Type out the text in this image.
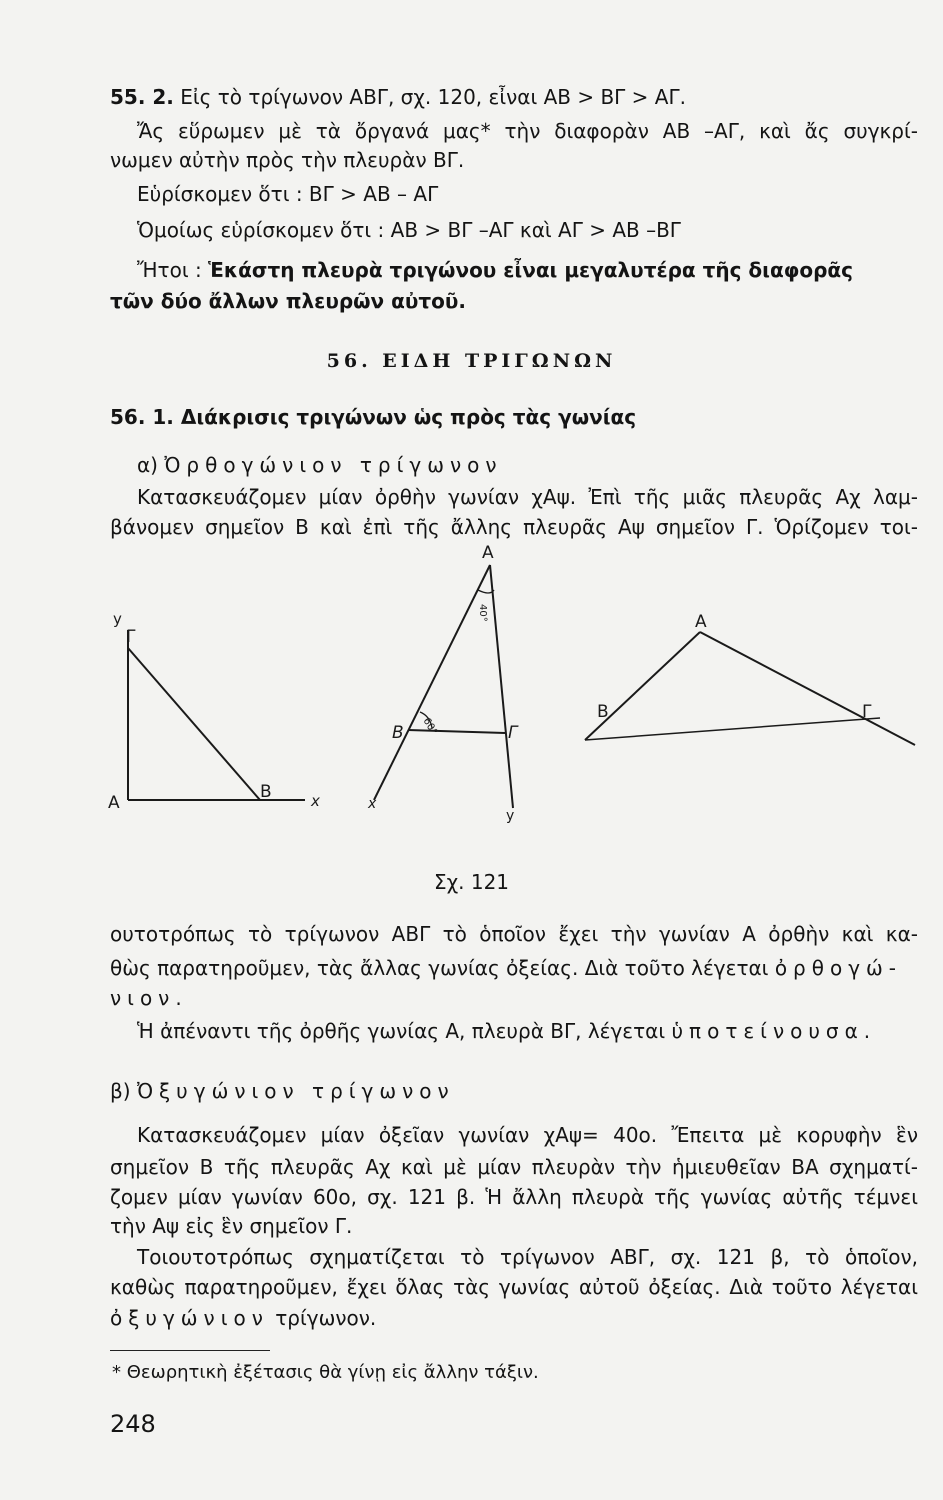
55. 2. Εἰς τὸ τρίγωνον ΑΒΓ, σχ. 120, εἶναι ΑΒ > ΒΓ > ΑΓ.
Ἄς εὕρωμεν μὲ τὰ ὄργανά μας* τὴν διαφορὰν ΑΒ –ΑΓ, καὶ ἄς συγκρί-
νωμεν αὐτὴν πρὸς τὴν πλευρὰν ΒΓ.
Εὑρίσκομεν ὅτι : ΒΓ > ΑΒ – ΑΓ
Ὁμοίως εὑρίσκομεν ὅτι : ΑΒ > ΒΓ –ΑΓ καὶ ΑΓ > ΑΒ –ΒΓ
Ἤτοι : Ἑκάστη πλευρὰ τριγώνου εἶναι μεγαλυτέρα τῆς διαφορᾶς
τῶν δύο ἄλλων πλευρῶν αὐτοῦ.
56. ΕΙΔΗ ΤΡΙΓΩΝΩΝ
56. 1. Διάκρισις τριγώνων ὡς πρὸς τὰς γωνίας
α) Ὀρθογώνιον τρίγωνον
Κατασκευάζομεν μίαν ὀρθὴν γωνίαν χΑψ. Ἐπὶ τῆς μιᾶς πλευρᾶς Αχ λαμ-
βάνομεν σημεῖον Β καὶ ἐπὶ τῆς ἄλλης πλευρᾶς Αψ σημεῖον Γ. Ὁρίζομεν τοι-
y
Γ
A
B	x
A
40°
60°
B	Γ
x
y
A
B	Γ
Σχ. 121
ουτοτρόπως τὸ τρίγωνον ΑΒΓ τὸ ὁποῖον ἔχει τὴν γωνίαν Α ὀρθὴν καὶ κα-
θὼς παρατηροῦμεν, τὰς ἄλλας γωνίας ὀξείας. Διὰ τοῦτο λέγεται ὀρθογώ-
νιον.
Ἡ ἀπέναντι τῆς ὀρθῆς γωνίας Α, πλευρὰ ΒΓ, λέγεται ὑποτείνουσα.
β) Ὀξυγώνιον τρίγωνον
Κατασκευάζομεν μίαν ὀξεῖαν γωνίαν χΑψ= 40ο. Ἔπειτα μὲ κορυφὴν ἓν
σημεῖον Β τῆς πλευρᾶς Αχ καὶ μὲ μίαν πλευρὰν τὴν ἡμιευθεῖαν ΒΑ σχηματί-
ζομεν μίαν γωνίαν 60ο, σχ. 121 β. Ἡ ἄλλη πλευρὰ τῆς γωνίας αὐτῆς τέμνει
τὴν Αψ εἰς ἓν σημεῖον Γ.
Τοιουτοτρόπως σχηματίζεται τὸ τρίγωνον ΑΒΓ, σχ. 121 β, τὸ ὁποῖον,
καθὼς παρατηροῦμεν, ἔχει ὅλας τὰς γωνίας αὐτοῦ ὀξείας. Διὰ τοῦτο λέγεται
ὀξυγώνιον τρίγωνον.
* Θεωρητικὴ ἐξέτασις θὰ γίνῃ εἰς ἄλλην τάξιν.
248
